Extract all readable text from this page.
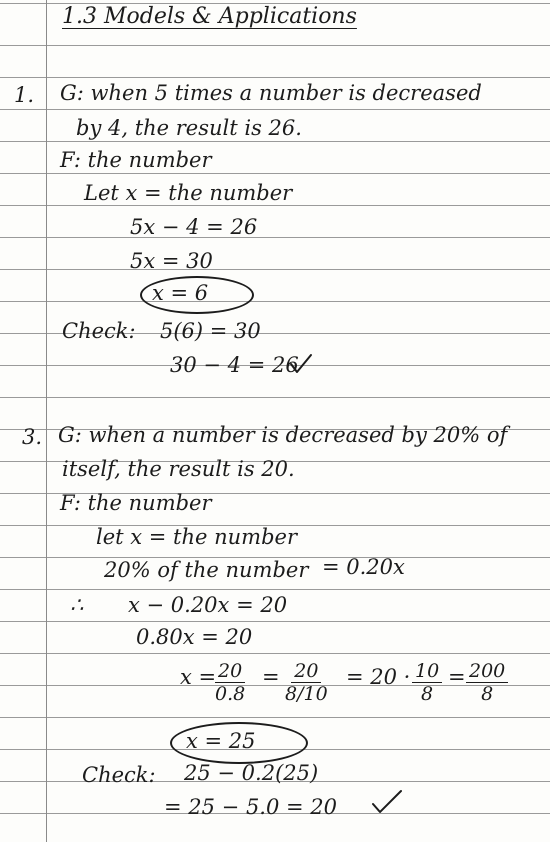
1.3 Models & Applications
1. G: when 5 times a number is decreased
by 4, the result is 26.
F: the number
Let x = the number
5x − 4 = 26
5x = 30
x = 6
Check: 5(6) = 30
30 − 4 = 26
3. G: when a number is decreased by 20% of
itself, the result is 20.
F: the number
let x = the number
20% of the number = 0.20x
∴ x − 0.20x = 20
0.80x = 20
x =
$\frac{20}{0.8} = \frac{20}{8/10} = 20 \cdot \frac{10}{8} = \frac{200}{8}$
x = 25
Check: 25 − 0.2(25)
= 25 − 5.0 = 20
